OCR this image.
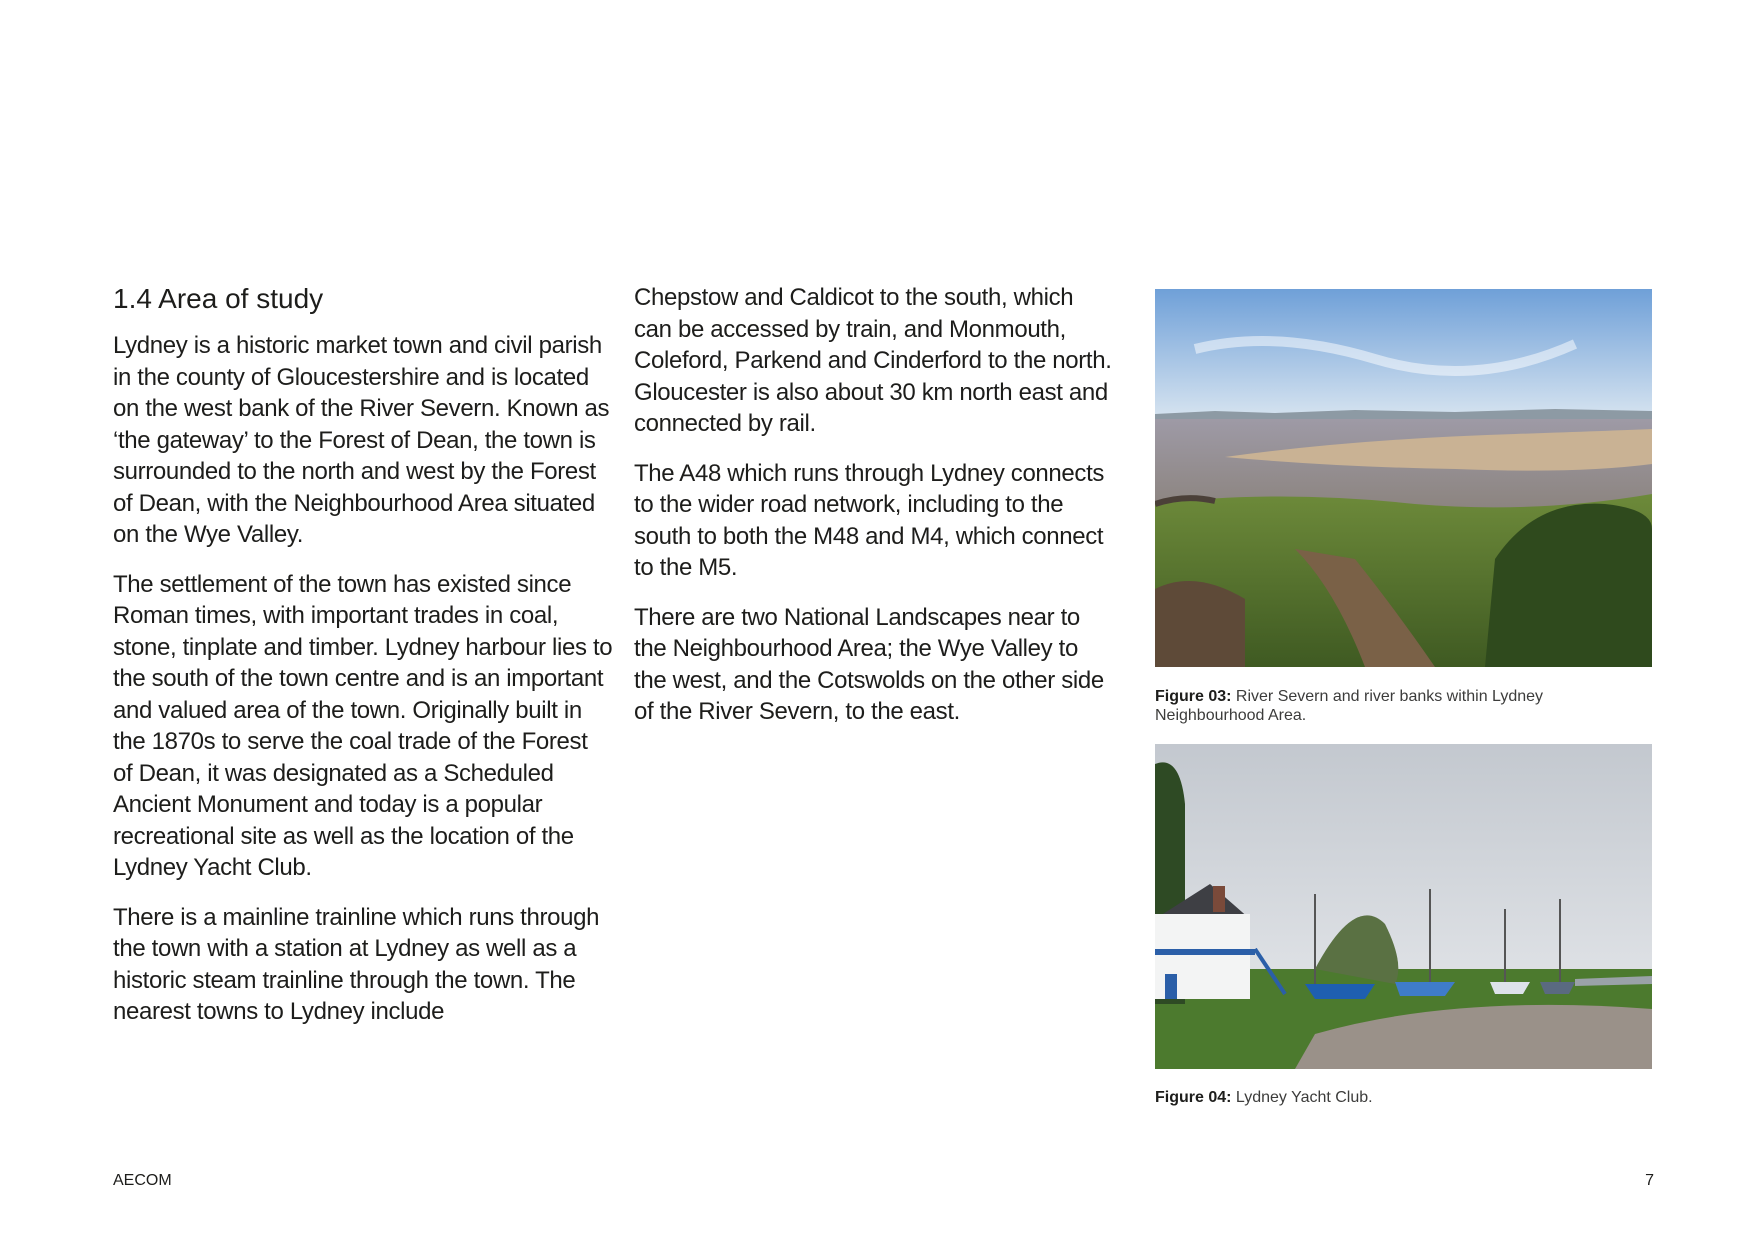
1.4 Area of study

Lydney is a historic market town and civil parish in the county of Gloucestershire and is located on the west bank of the River Severn. Known as ‘the gateway’ to the Forest of Dean, the town is surrounded to the north and west by the Forest of Dean, with the Neighbourhood Area situated on the Wye Valley.

The settlement of the town has existed since Roman times, with important trades in coal, stone, tinplate and timber. Lydney harbour lies to the south of the town centre and is an important and valued area of the town. Originally built in the 1870s to serve the coal trade of the Forest of Dean, it was designated as a Scheduled Ancient Monument and today is a popular recreational site as well as the location of the Lydney Yacht Club.

There is a mainline trainline which runs through the town with a station at Lydney as well as a historic steam trainline through the town. The nearest towns to Lydney include

Chepstow and Caldicot to the south, which can be accessed by train, and Monmouth, Coleford, Parkend and Cinderford to the north. Gloucester is also about 30 km north east and connected by rail.

The A48 which runs through Lydney connects to the wider road network, including to the south to both the M48 and M4, which connect to the M5.

There are two National Landscapes near to the Neighbourhood Area; the Wye Valley to the west, and the Cotswolds on the other side of the River Severn, to the east.

Figure 03: River Severn and river banks within Lydney Neighbourhood Area.
Figure 04: Lydney Yacht Club.
AECOM	7
